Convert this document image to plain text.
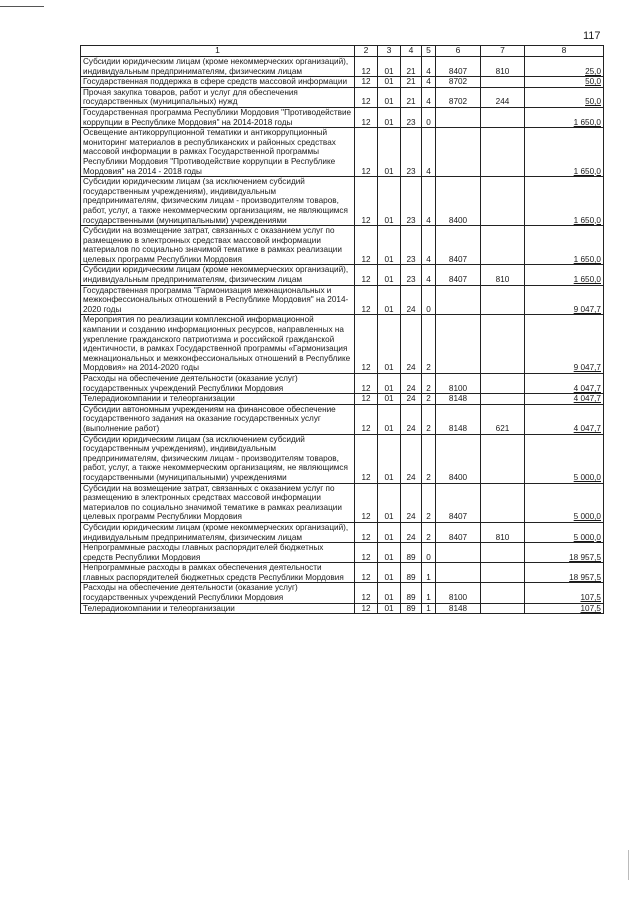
117
1	2	3	4	5	6	7	8
Субсидии юридическим лицам (кроме некоммерческих организаций), индивидуальным предпринимателям, физическим лицам	12	01	21	4	8407	810	25,0
Государственная поддержка в сфере средств массовой информации	12	01	21	4	8702		50,0
Прочая закупка товаров, работ и услуг для обеспечения государственных (муниципальных) нужд	12	01	21	4	8702	244	50,0
Государственная программа Республики Мордовия "Противодействие коррупции в Республике Мордовия" на 2014-2018 годы	12	01	23	0			1 650,0
Освещение антикоррупционной тематики и антикоррупционный мониторинг материалов в республиканских и районных средствах массовой информации в рамках Государственной программы Республики Мордовия "Противодействие коррупции в Республике Мордовия" на 2014 - 2018 годы	12	01	23	4			1 650,0
Субсидии юридическим лицам (за исключением субсидий государственным учреждениям), индивидуальным предпринимателям, физическим лицам - производителям товаров, работ, услуг, а также некоммерческим организациям, не являющимся государственными (муниципальными) учреждениями	12	01	23	4	8400		1 650,0
Субсидии на возмещение затрат, связанных с оказанием услуг по размещению в электронных средствах массовой информации материалов по социально значимой тематике в рамках реализации целевых программ Республики Мордовия	12	01	23	4	8407		1 650,0
Субсидии юридическим лицам (кроме некоммерческих организаций), индивидуальным предпринимателям, физическим лицам	12	01	23	4	8407	810	1 650,0
Государственная программа "Гармонизация межнациональных и межконфессиональных отношений в Республике Мордовия" на 2014-2020 годы	12	01	24	0			9 047,7
Мероприятия по реализации комплексной информационной кампании и созданию информационных ресурсов, направленных на укрепление гражданского патриотизма и российской гражданской идентичности, в рамках Государственной программы «Гармонизация межнациональных и межконфессиональных отношений в Республике Мордовия» на 2014-2020 годы	12	01	24	2			9 047,7
Расходы на обеспечение деятельности (оказание услуг) государственных учреждений Республики Мордовия	12	01	24	2	8100		4 047,7
Телерадиокомпании и телеорганизации	12	01	24	2	8148		4 047,7
Субсидии автономным учреждениям на финансовое обеспечение государственного задания на оказание государственных услуг (выполнение работ)	12	01	24	2	8148	621	4 047,7
Субсидии юридическим лицам (за исключением субсидий государственным учреждениям), индивидуальным предпринимателям, физическим лицам - производителям товаров, работ, услуг, а также некоммерческим организациям, не являющимся государственными (муниципальными) учреждениями	12	01	24	2	8400		5 000,0
Субсидии на возмещение затрат, связанных с оказанием услуг по размещению в электронных средствах массовой информации материалов по социально значимой тематике в рамках реализации целевых программ Республики Мордовия	12	01	24	2	8407		5 000,0
Субсидии юридическим лицам (кроме некоммерческих организаций), индивидуальным предпринимателям, физическим лицам	12	01	24	2	8407	810	5 000,0
Непрограммные расходы главных распорядителей бюджетных средств Республики Мордовия	12	01	89	0			18 957,5
Непрограммные расходы в рамках обеспечения деятельности главных распорядителей бюджетных средств Республики Мордовия	12	01	89	1			18 957,5
Расходы на обеспечение деятельности (оказание услуг) государственных учреждений Республики Мордовия	12	01	89	1	8100		107,5
Телерадиокомпании и телеорганизации	12	01	89	1	8148		107,5
